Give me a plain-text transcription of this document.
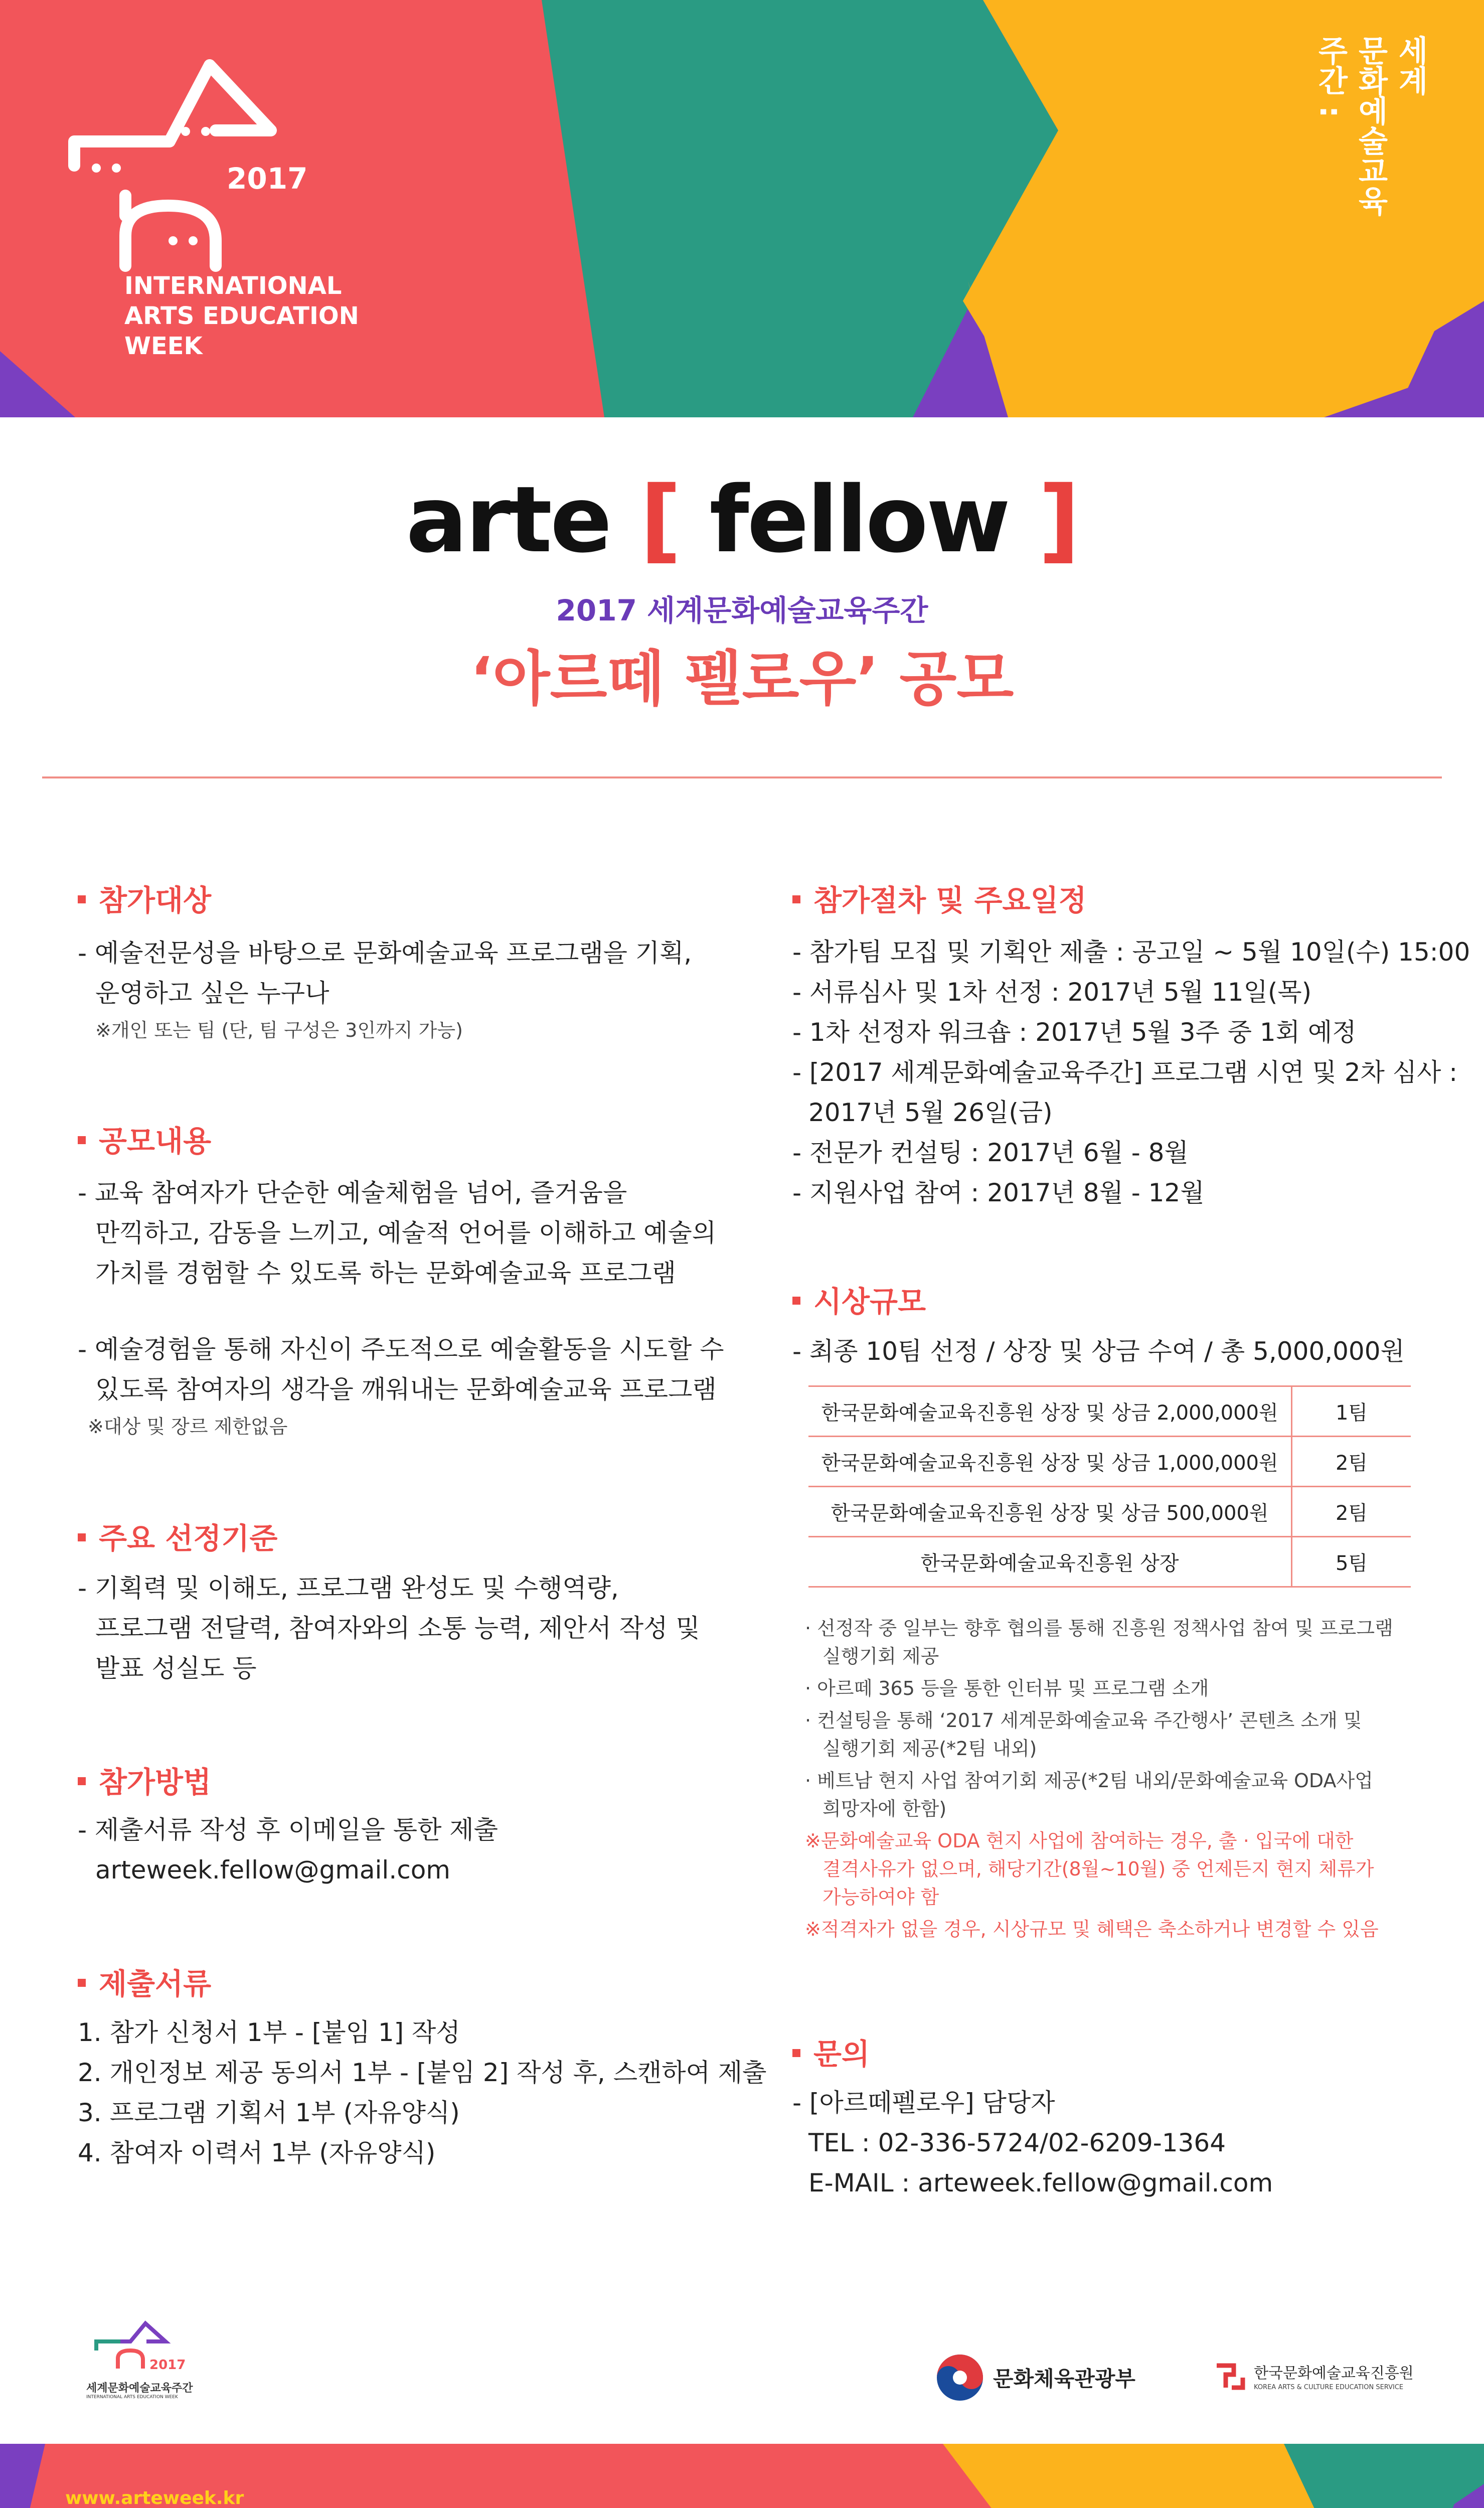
2017
INTERNATIONAL
ARTS EDUCATION
WEEK
세계
문화예술교육
주간 :
arte [ fellow ]
2017 세계문화예술교육주간
‘아르떼 펠로우’ 공모
참가대상
- 예술전문성을 바탕으로 문화예술교육 프로그램을 기획,
운영하고 싶은 누구나
※개인 또는 팀 (단, 팀 구성은 3인까지 가능)
공모내용
- 교육 참여자가 단순한 예술체험을 넘어, 즐거움을
만끽하고, 감동을 느끼고, 예술적 언어를 이해하고 예술의
가치를 경험할 수 있도록 하는 문화예술교육 프로그램
- 예술경험을 통해 자신이 주도적으로 예술활동을 시도할 수
있도록 참여자의 생각을 깨워내는 문화예술교육 프로그램
※대상 및 장르 제한없음
주요 선정기준
- 기획력 및 이해도, 프로그램 완성도 및 수행역량,
프로그램 전달력, 참여자와의 소통 능력, 제안서 작성 및
발표 성실도 등
참가방법
- 제출서류 작성 후 이메일을 통한 제출
arteweek.fellow@gmail.com
제출서류
1. 참가 신청서 1부 - [붙임 1] 작성
2. 개인정보 제공 동의서 1부 - [붙임 2] 작성 후, 스캔하여 제출
3. 프로그램 기획서 1부 (자유양식)
4. 참여자 이력서 1부 (자유양식)
참가절차 및 주요일정
- 참가팀 모집 및 기획안 제출 : 공고일 ~ 5월 10일(수) 15:00
- 서류심사 및 1차 선정 : 2017년 5월 11일(목)
- 1차 선정자 워크숍 : 2017년 5월 3주 중 1회 예정
- [2017 세계문화예술교육주간] 프로그램 시연 및 2차 심사 :
2017년 5월 26일(금)
- 전문가 컨설팅 : 2017년 6월 - 8월
- 지원사업 참여 : 2017년 8월 - 12월
시상규모
- 최종 10팀 선정 / 상장 및 상금 수여 / 총 5,000,000원
한국문화예술교육진흥원 상장 및 상금 2,000,000원	1팀
한국문화예술교육진흥원 상장 및 상금 1,000,000원	2팀
한국문화예술교육진흥원 상장 및 상금 500,000원	2팀
한국문화예술교육진흥원 상장	5팀
· 선정작 중 일부는 향후 협의를 통해 진흥원 정책사업 참여 및 프로그램
실행기회 제공
· 아르떼 365 등을 통한 인터뷰 및 프로그램 소개
· 컨설팅을 통해 ‘2017 세계문화예술교육 주간행사’ 콘텐츠 소개 및
실행기회 제공(*2팀 내외)
· 베트남 현지 사업 참여기회 제공(*2팀 내외/문화예술교육 ODA사업
희망자에 한함)
※문화예술교육 ODA 현지 사업에 참여하는 경우, 출 · 입국에 대한
결격사유가 없으며, 해당기간(8월~10월) 중 언제든지 현지 체류가
가능하여야 함
※적격자가 없을 경우, 시상규모 및 혜택은 축소하거나 변경할 수 있음
문의
- [아르떼펠로우] 담당자
TEL : 02-336-5724/02-6209-1364
E-MAIL : arteweek.fellow@gmail.com
2017
세계문화예술교육주간
INTERNATIONAL ARTS EDUCATION WEEK
문화체육관광부	한국문화예술교육진흥원
KOREA ARTS & CULTURE EDUCATION SERVICE
www.arteweek.kr
